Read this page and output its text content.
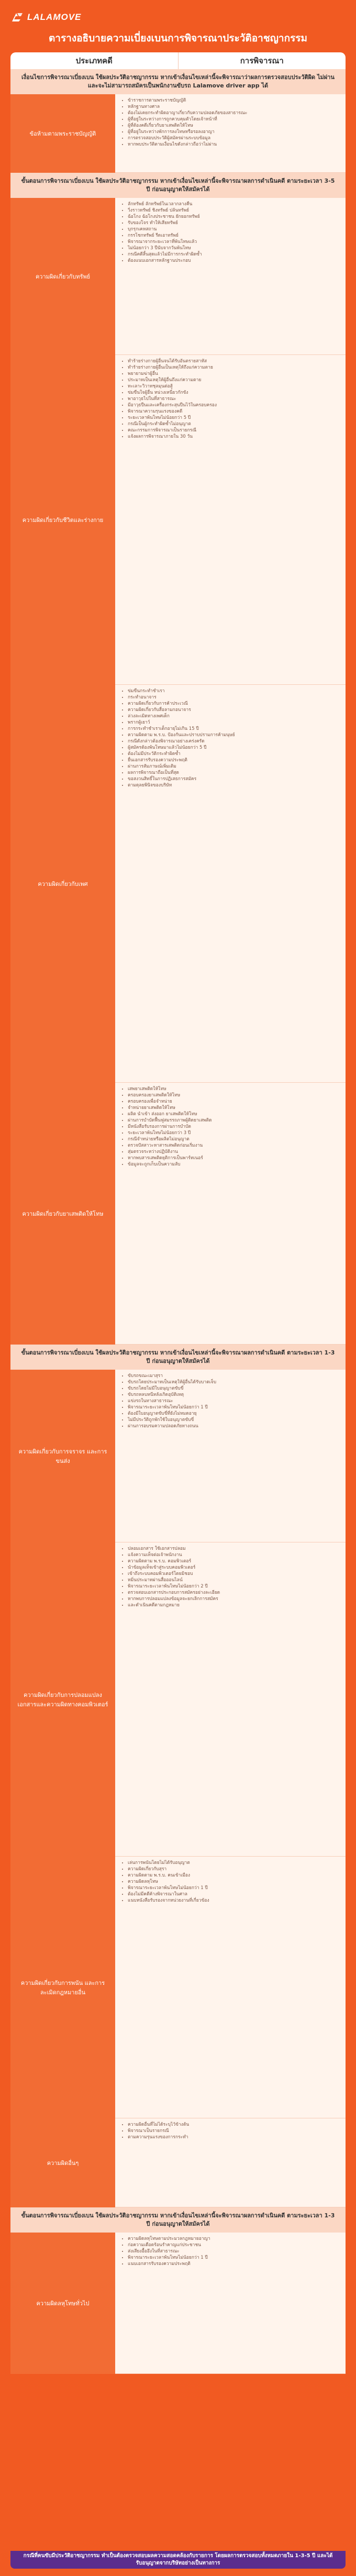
LALAMOVE
ตารางอธิบายความเบี่ยงเบนการพิจารณาประวัติอาชญากรรม
ประเภทคดี	การพิจารณา
เงื่อนไขการพิจารณาเบี่ยงเบน ใช้ผลประวัติอาชญากรรม หากเข้าเงื่อนไขเหล่านี้จะพิจารณาว่าผลการตรวจสอบประวัติผิด ไม่ผ่านและจะไม่สามารถสมัครเป็นพนักงานขับรถ Lalamove driver app ได้
ข้อห้ามตามพระราชบัญญัติ
• ข้าราชการตามพระราชบัญญัติ
• หลักฐานทางศาล
• ต้องไม่เคยกระทำผิดอาญาเกี่ยวกับความปลอดภัยของสาธารณะ
• ผู้ที่อยู่ในระหว่างการถูกควบคุมตัวโดยเจ้าหน้าที่
• ผู้ที่ต้องคดีเกี่ยวกับยาเสพติดให้โทษ
• ผู้ที่อยู่ในระหว่างพักการลงโทษหรือรอลงอาญา
• การตรวจสอบประวัติผู้สมัครผ่านระบบข้อมูล
• หากพบประวัติตามเงื่อนไขดังกล่าวถือว่าไม่ผ่าน
ขั้นตอนการพิจารณาเบี่ยงเบน ใช้ผลประวัติอาชญากรรม หากเข้าเงื่อนไขเหล่านี้จะพิจารณาผลการดำเนินคดี ตามระยะเวลา 3-5 ปี ก่อนอนุญาตให้สมัครได้
ความผิดเกี่ยวกับทรัพย์
• ลักทรัพย์ ลักทรัพย์ในเวลากลางคืน
• วิ่งราวทรัพย์ ชิงทรัพย์ ปล้นทรัพย์
• ฉ้อโกง ฉ้อโกงประชาชน ยักยอกทรัพย์
• รับของโจร ทำให้เสียทรัพย์
• บุกรุกเคหสถาน
• กรรโชกทรัพย์ รีดเอาทรัพย์
• พิจารณาจากระยะเวลาที่พ้นโทษแล้ว
• ไม่น้อยกว่า 3 ปีนับจากวันพ้นโทษ
• กรณีคดีสิ้นสุดแล้วไม่มีการกระทำผิดซ้ำ
• ต้องแนบเอกสารหลักฐานประกอบ
ความผิดเกี่ยวกับชีวิตและร่างกาย
• ทำร้ายร่างกายผู้อื่นจนได้รับอันตรายสาหัส
• ทำร้ายร่างกายผู้อื่นเป็นเหตุให้ถึงแก่ความตาย
• พยายามฆ่าผู้อื่น
• ประมาทเป็นเหตุให้ผู้อื่นถึงแก่ความตาย
• ทะเลาะวิวาทชุลมุนต่อสู้
• ข่มขืนใจผู้อื่น หน่วงเหนี่ยวกักขัง
• พาอาวุธไปในที่สาธารณะ
• มีอาวุธปืนและเครื่องกระสุนปืนไว้ในครอบครอง
• พิจารณาความรุนแรงของคดี
• ระยะเวลาพ้นโทษไม่น้อยกว่า 5 ปี
• กรณีเป็นผู้กระทำผิดซ้ำไม่อนุญาต
• คณะกรรมการพิจารณาเป็นรายกรณี
• แจ้งผลการพิจารณาภายใน 30 วัน
ความผิดเกี่ยวกับเพศ
• ข่มขืนกระทำชำเรา
• กระทำอนาจาร
• ความผิดเกี่ยวกับการค้าประเวณี
• ความผิดเกี่ยวกับสื่อลามกอนาจาร
• ล่วงละเมิดทางเพศเด็ก
• พรากผู้เยาว์
• การกระทำชำเราเด็กอายุไม่เกิน 15 ปี
• ความผิดตาม พ.ร.บ. ป้องกันและปราบปรามการค้ามนุษย์
• กรณีดังกล่าวต้องพิจารณาอย่างเคร่งครัด
• ผู้สมัครต้องพ้นโทษมาแล้วไม่น้อยกว่า 5 ปี
• ต้องไม่มีประวัติกระทำผิดซ้ำ
• ยื่นเอกสารรับรองความประพฤติ
• ผ่านการสัมภาษณ์เพิ่มเติม
• ผลการพิจารณาถือเป็นที่สุด
• ขอสงวนสิทธิ์ในการปฏิเสธการสมัคร
• ตามดุลยพินิจของบริษัท
ความผิดเกี่ยวกับยาเสพติดให้โทษ
• เสพยาเสพติดให้โทษ
• ครอบครองยาเสพติดให้โทษ
• ครอบครองเพื่อจำหน่าย
• จำหน่ายยาเสพติดให้โทษ
• ผลิต นำเข้า ส่งออก ยาเสพติดให้โทษ
• ผ่านการบำบัดฟื้นฟูสมรรถภาพผู้ติดยาเสพติด
• มีหนังสือรับรองการผ่านการบำบัด
• ระยะเวลาพ้นโทษไม่น้อยกว่า 3 ปี
• กรณีจำหน่ายหรือผลิตไม่อนุญาต
• ตรวจปัสสาวะหาสารเสพติดก่อนเริ่มงาน
• สุ่มตรวจระหว่างปฏิบัติงาน
• หากพบสารเสพติดยุติการเป็นพาร์ทเนอร์
• ข้อมูลจะถูกเก็บเป็นความลับ
ขั้นตอนการพิจารณาเบี่ยงเบน ใช้ผลประวัติอาชญากรรม หากเข้าเงื่อนไขเหล่านี้จะพิจารณาผลการดำเนินคดี ตามระยะเวลา 1-3 ปี ก่อนอนุญาตให้สมัครได้
ความผิดเกี่ยวกับการจราจร และการขนส่ง
• ขับรถขณะเมาสุรา
• ขับรถโดยประมาทเป็นเหตุให้ผู้อื่นได้รับบาดเจ็บ
• ขับรถโดยไม่มีใบอนุญาตขับขี่
• ขับรถหลบหนีหลังเกิดอุบัติเหตุ
• แข่งรถในทางสาธารณะ
• พิจารณาระยะเวลาพ้นโทษไม่น้อยกว่า 1 ปี
• ต้องมีใบอนุญาตขับขี่ที่ยังไม่หมดอายุ
• ไม่มีประวัติถูกพักใช้ใบอนุญาตขับขี่
• ผ่านการอบรมความปลอดภัยทางถนน
ความผิดเกี่ยวกับการปลอมแปลง เอกสารและความผิดทางคอมพิวเตอร์
• ปลอมเอกสาร ใช้เอกสารปลอม
• แจ้งความเท็จต่อเจ้าพนักงาน
• ความผิดตาม พ.ร.บ. คอมพิวเตอร์
• นำข้อมูลเท็จเข้าสู่ระบบคอมพิวเตอร์
• เข้าถึงระบบคอมพิวเตอร์โดยมิชอบ
• หมิ่นประมาทผ่านสื่อออนไลน์
• พิจารณาระยะเวลาพ้นโทษไม่น้อยกว่า 2 ปี
• ตรวจสอบเอกสารประกอบการสมัครอย่างละเอียด
• หากพบการปลอมแปลงข้อมูลจะยกเลิกการสมัคร
• และดำเนินคดีตามกฎหมาย
ความผิดเกี่ยวกับการพนัน และการละเมิดกฎหมายอื่น
• เล่นการพนันโดยไม่ได้รับอนุญาต
• ความผิดเกี่ยวกับสุรา
• ความผิดตาม พ.ร.บ. คนเข้าเมือง
• ความผิดลหุโทษ
• พิจารณาระยะเวลาพ้นโทษไม่น้อยกว่า 1 ปี
• ต้องไม่มีคดีค้างพิจารณาในศาล
• แนบหนังสือรับรองจากหน่วยงานที่เกี่ยวข้อง
ความผิดอื่นๆ
• ความผิดอื่นที่ไม่ได้ระบุไว้ข้างต้น
• พิจารณาเป็นรายกรณี
• ตามความรุนแรงของการกระทำ
ขั้นตอนการพิจารณาเบี่ยงเบน ใช้ผลประวัติอาชญากรรม หากเข้าเงื่อนไขเหล่านี้จะพิจารณาผลการดำเนินคดี ตามระยะเวลา 1-3 ปี ก่อนอนุญาตให้สมัครได้
ความผิดลหุโทษทั่วไป
• ความผิดลหุโทษตามประมวลกฎหมายอาญา
• ก่อความเดือดร้อนรำคาญแก่ประชาชน
• ส่งเสียงอื้ออึงในที่สาธารณะ
• พิจารณาระยะเวลาพ้นโทษไม่น้อยกว่า 1 ปี
• แนบเอกสารรับรองความประพฤติ
กรณีที่คนขับมีประวัติอาชญากรรม ทำเป็นต้องตรวจสอบผลความสอดคล้องกับรายการ โดยผลการตรวจสอบทั้งหมดภายใน 1-3-5 ปี และได้รับอนุญาตจากบริษัทอย่างเป็นทางการ
